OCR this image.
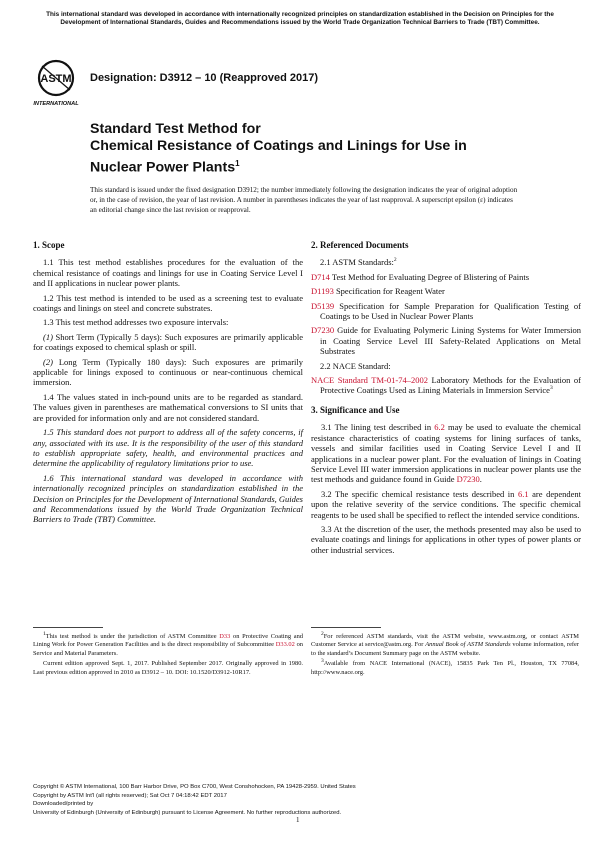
This international standard was developed in accordance with internationally recognized principles on standardization established in the Decision on Principles for the Development of International Standards, Guides and Recommendations issued by the World Trade Organization Technical Barriers to Trade (TBT) Committee.
ASTM
INTERNATIONAL
Designation: D3912 – 10 (Reapproved 2017)
Standard Test Method for
Chemical Resistance of Coatings and Linings for Use in
Nuclear Power Plants$^1$
This standard is issued under the fixed designation D3912; the number immediately following the designation indicates the year of original adoption or, in the case of revision, the year of last revision. A number in parentheses indicates the year of last reapproval. A superscript epsilon (ε) indicates an editorial change since the last revision or reapproval.
1. Scope

1.1 This test method establishes procedures for the evaluation of the chemical resistance of coatings and linings for use in Coating Service Level I and II applications in nuclear power plants.

1.2 This test method is intended to be used as a screening test to evaluate coatings and linings on steel and concrete substrates.

1.3 This test method addresses two exposure intervals:

(1) Short Term (Typically 5 days): Such exposures are primarily applicable for coatings exposed to chemical splash or spill.

(2) Long Term (Typically 180 days): Such exposures are primarily applicable for linings exposed to continuous or near-continuous chemical immersion.

1.4 The values stated in inch-pound units are to be regarded as standard. The values given in parentheses are mathematical conversions to SI units that are provided for information only and are not considered standard.

1.5 This standard does not purport to address all of the safety concerns, if any, associated with its use. It is the responsibility of the user of this standard to establish appropriate safety, health, and environmental practices and determine the applicability of regulatory limitations prior to use.

1.6 This international standard was developed in accordance with internationally recognized principles on standardization established in the Decision on Principles for the Development of International Standards, Guides and Recommendations issued by the World Trade Organization Technical Barriers to Trade (TBT) Committee.

2. Referenced Documents

2.1 ASTM Standards:$^2$

D714 Test Method for Evaluating Degree of Blistering of Paints

D1193 Specification for Reagent Water

D5139 Specification for Sample Preparation for Qualification Testing of Coatings to be Used in Nuclear Power Plants

D7230 Guide for Evaluating Polymeric Lining Systems for Water Immersion in Coating Service Level III Safety-Related Applications on Metal Substrates

2.2 NACE Standard:

NACE Standard TM-01-74–2002 Laboratory Methods for the Evaluation of Protective Coatings Used as Lining Materials in Immersion Service$^3$

3. Significance and Use

3.1 The lining test described in 6.2 may be used to evaluate the chemical resistance characteristics of coating systems for lining surfaces of tanks, vessels and similar facilities used in Coating Service Level I and II applications in a nuclear power plant. For the evaluation of linings in Coating Service Level III water immersion applications in nuclear power plants use the test methods and guidance found in Guide D7230.

3.2 The specific chemical resistance tests described in 6.1 are dependent upon the relative severity of the service conditions. The specific chemical reagents to be used shall be specified to reflect the intended service conditions.

3.3 At the discretion of the user, the methods presented may also be used to evaluate coatings and linings for applications in other types of power plants or other industrial services.

1This test method is under the jurisdiction of ASTM Committee D33 on Protective Coating and Lining Work for Power Generation Facilities and is the direct responsibility of Subcommittee D33.02 on Service and Material Parameters.

Current edition approved Sept. 1, 2017. Published September 2017. Originally approved in 1980. Last previous edition approved in 2010 as D3912 – 10. DOI: 10.1520/D3912-10R17.

2For referenced ASTM standards, visit the ASTM website, www.astm.org, or contact ASTM Customer Service at service@astm.org. For Annual Book of ASTM Standards volume information, refer to the standard’s Document Summary page on the ASTM website.

3Available from NACE International (NACE), 15835 Park Ten Pl., Houston, TX 77084, http://www.nace.org.

Copyright © ASTM International, 100 Barr Harbor Drive, PO Box C700, West Conshohocken, PA 19428-2959. United States
Copyright by ASTM Int'l (all rights reserved); Sat Oct 7 04:18:42 EDT 2017
Downloaded/printed by
University of Edinburgh (University of Edinburgh) pursuant to License Agreement. No further reproductions authorized.
1
